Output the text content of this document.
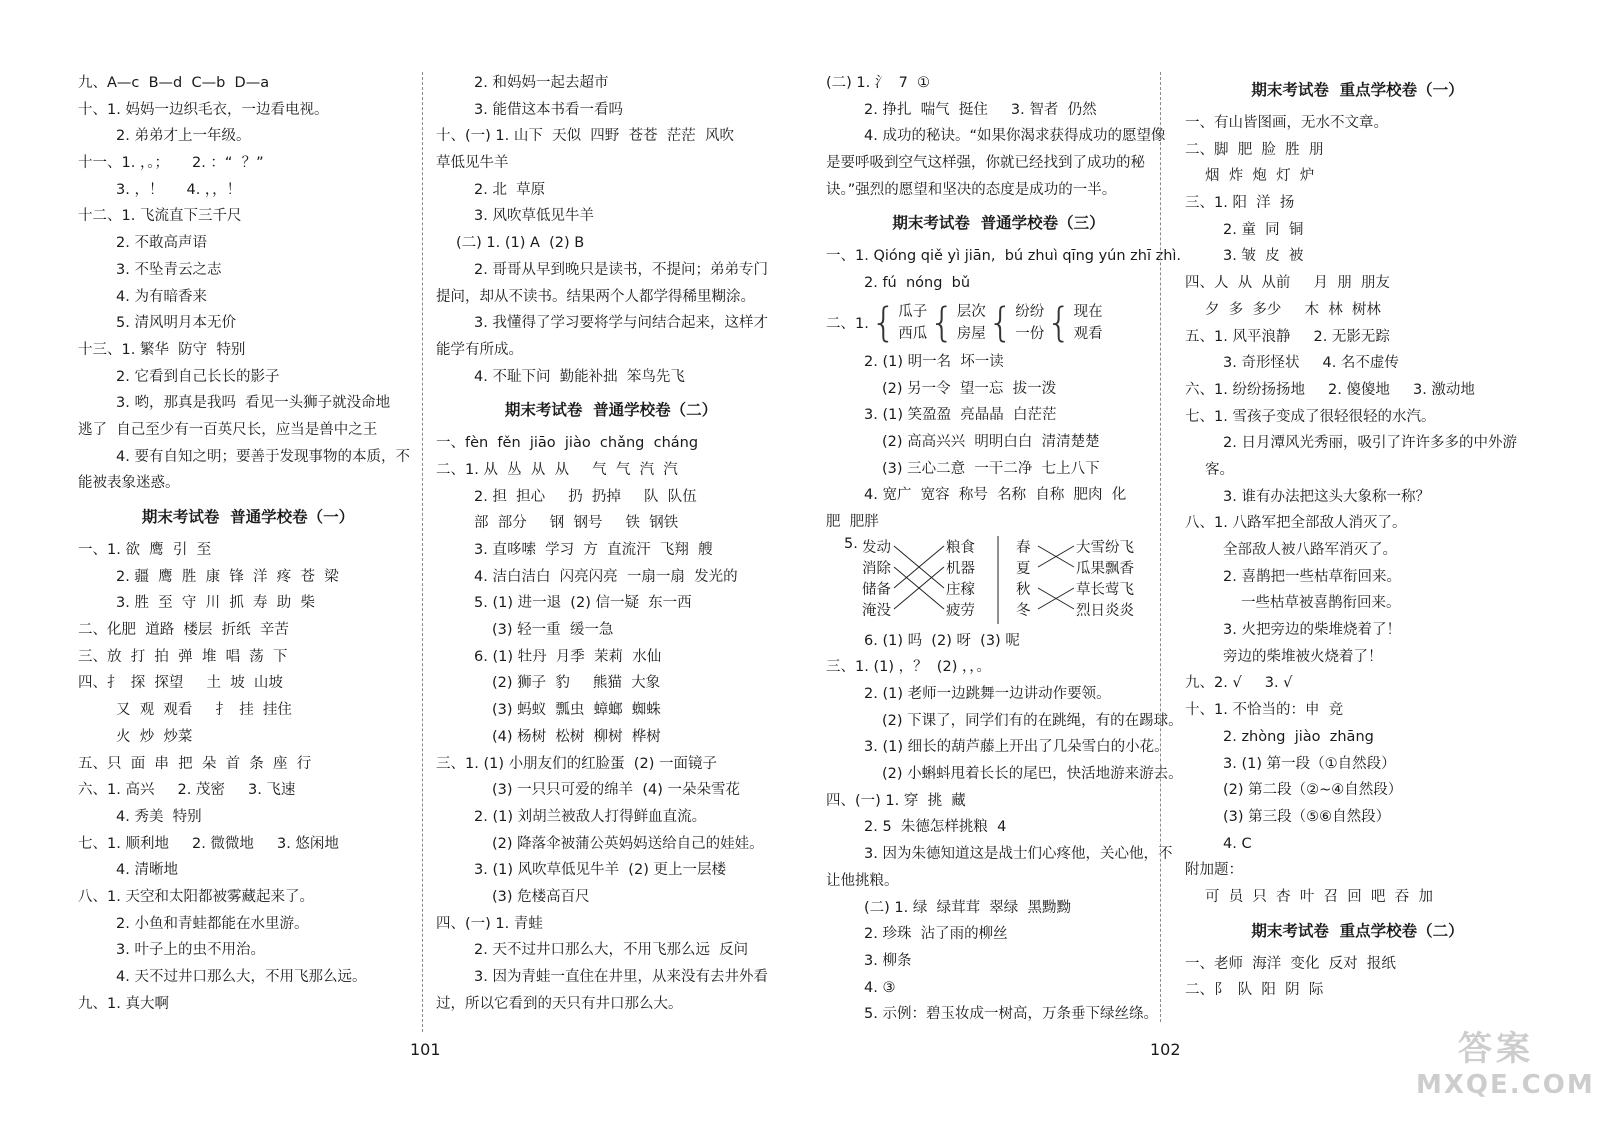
九、A—c  B—d  C—b  D—a
十、1. 妈妈一边织毛衣，一边看电视。
2. 弟弟才上一年级。
十一、1. ，。；     2. ：“  ？”
3. ，！     4. ，，！
十二、1. 飞流直下三千尺
2. 不敢高声语
3. 不坠青云之志
4. 为有暗香来
5. 清风明月本无价
十三、1. 繁华  防守  特别
2. 它看到自己长长的影子
3. 哟，那真是我吗  看见一头狮子就没命地
逃了  自己至少有一百英尺长，应当是兽中之王
4. 要有自知之明；要善于发现事物的本质，不
能被表象迷惑。
期末考试卷  普通学校卷（一）
一、1. 欲  鹰  引  至
2. 疆  鹰  胜  康  锋  洋  疼  苍  梁
3. 胜  至  守  川  抓  寿  助  柴
二、化肥  道路  楼层  折纸  辛苦
三、放  打  拍  弹  堆  唱  荡  下
四、扌  探  探望     土  坡  山坡
又  观  观看     扌  挂  挂住
火  炒  炒菜
五、只  面  串  把  朵  首  条  座  行
六、1. 高兴     2. 茂密     3. 飞速
4. 秀美  特别
七、1. 顺利地     2. 微微地     3. 悠闲地
4. 清晰地
八、1. 天空和太阳都被雾藏起来了。
2. 小鱼和青蛙都能在水里游。
3. 叶子上的虫不用治。
4. 天不过井口那么大，不用飞那么远。
九、1. 真大啊
2. 和妈妈一起去超市
3. 能借这本书看一看吗
十、(一) 1. 山下  天似  四野  苍苍  茫茫  风吹
草低见牛羊
2. 北  草原
3. 风吹草低见牛羊
(二) 1. (1) A  (2) B
2. 哥哥从早到晚只是读书，不提问；弟弟专门
提问，却从不读书。结果两个人都学得稀里糊涂。
3. 我懂得了学习要将学与问结合起来，这样才
能学有所成。
4. 不耻下问  勤能补拙  笨鸟先飞
期末考试卷  普通学校卷（二）
一、fèn  fěn  jiāo  jiào  chǎng  cháng
二、1. 从  丛  从  从     气  气  汽  汽
2. 担  担心     扔  扔掉     队  队伍
部  部分     钢  钢号     铁  钢铁
3. 直哆嗦  学习  方  直流汗  飞翔  艘
4. 洁白洁白  闪亮闪亮  一扇一扇  发光的
5. (1) 进一退  (2) 信一疑  东一西
(3) 轻一重  缓一急
6. (1) 牡丹  月季  茉莉  水仙
(2) 狮子  豹     熊猫  大象
(3) 蚂蚁  瓢虫  蟑螂  蜘蛛
(4) 杨树  松树  柳树  桦树
三、1. (1) 小朋友们的红脸蛋  (2) 一面镜子
(3) 一只只可爱的绵羊  (4) 一朵朵雪花
2. (1) 刘胡兰被敌人打得鲜血直流。
(2) 降落伞被蒲公英妈妈送给自己的娃娃。
3. (1) 风吹草低见牛羊  (2) 更上一层楼
(3) 危楼高百尺
四、(一) 1. 青蛙
2. 天不过井口那么大，不用飞那么远  反问
3. 因为青蛙一直住在井里，从来没有去井外看
过，所以它看到的天只有井口那么大。
101
(二) 1. 氵  7  ①
2. 挣扎  喘气  挺住     3. 智者  仍然
4. 成功的秘诀。“如果你渴求获得成功的愿望像
是要呼吸到空气这样强，你就已经找到了成功的秘
诀。”强烈的愿望和坚决的态度是成功的一半。
期末考试卷  普通学校卷（三）
一、1. Qióng qiě yì jiān,  bú zhuì qīng yún zhī zhì.
2. fú  nóng  bǔ
二、1. { 瓜子
西瓜 { 层次
房屋 { 纷纷
一份 { 现在
观看
2. (1) 明一名  坏一读
(2) 另一令  望一忘  拔一泼
3. (1) 笑盈盈  亮晶晶  白茫茫
(2) 高高兴兴  明明白白  清清楚楚
(3) 三心二意  一干二净  七上八下
4. 宽广  宽容  称号  名称  自称  肥肉  化
肥  肥胖
5. 发动
消除
储备
淹没
粮食
机器
庄稼
疲劳
春
夏
秋
冬
大雪纷飞
瓜果飘香
草长莺飞
烈日炎炎
6. (1) 吗  (2) 呀  (3) 呢
三、1. (1) ，？  (2) ，，。
2. (1) 老师一边跳舞一边讲动作要领。
(2) 下课了，同学们有的在跳绳，有的在踢球。
3. (1) 细长的葫芦藤上开出了几朵雪白的小花。
(2) 小蝌蚪甩着长长的尾巴，快活地游来游去。
四、(一) 1. 穿  挑  藏
2. 5  朱德怎样挑粮  4
3. 因为朱德知道这是战士们心疼他，关心他，不
让他挑粮。
(二) 1. 绿  绿茸茸  翠绿  黑黝黝
2. 珍珠  沾了雨的柳丝
3. 柳条
4. ③
5. 示例：碧玉妆成一树高，万条垂下绿丝绦。
102
期末考试卷  重点学校卷（一）
一、有山皆图画，无水不文章。
二、脚  肥  脸  胜  朋
烟  炸  炮  灯  炉
三、1. 阳  洋  扬
2. 童  同  铜
3. 皱  皮  被
四、人  从  从前     月  朋  朋友
夕  多  多少     木  林  树林
五、1. 风平浪静     2. 无影无踪
3. 奇形怪状     4. 名不虚传
六、1. 纷纷扬扬地     2. 傻傻地     3. 激动地
七、1. 雪孩子变成了很轻很轻的水汽。
2. 日月潭风光秀丽，吸引了许许多多的中外游
客。
3. 谁有办法把这头大象称一称？
八、1. 八路军把全部敌人消灭了。
全部敌人被八路军消灭了。
2. 喜鹊把一些枯草衔回来。
一些枯草被喜鹊衔回来。
3. 火把旁边的柴堆烧着了！
旁边的柴堆被火烧着了！
九、2. √     3. √
十、1. 不恰当的：申  竞
2. zhòng  jiào  zhāng
3. (1) 第一段（①自然段）
(2) 第二段（②~④自然段）
(3) 第三段（⑤⑥自然段）
4. C
附加题：
可  员  只  杏  叶  召  回  吧  吞  加
期末考试卷  重点学校卷（二）
一、老师  海洋  变化  反对  报纸
二、阝  队  阳  阴  际
答案
MXQE.COM
